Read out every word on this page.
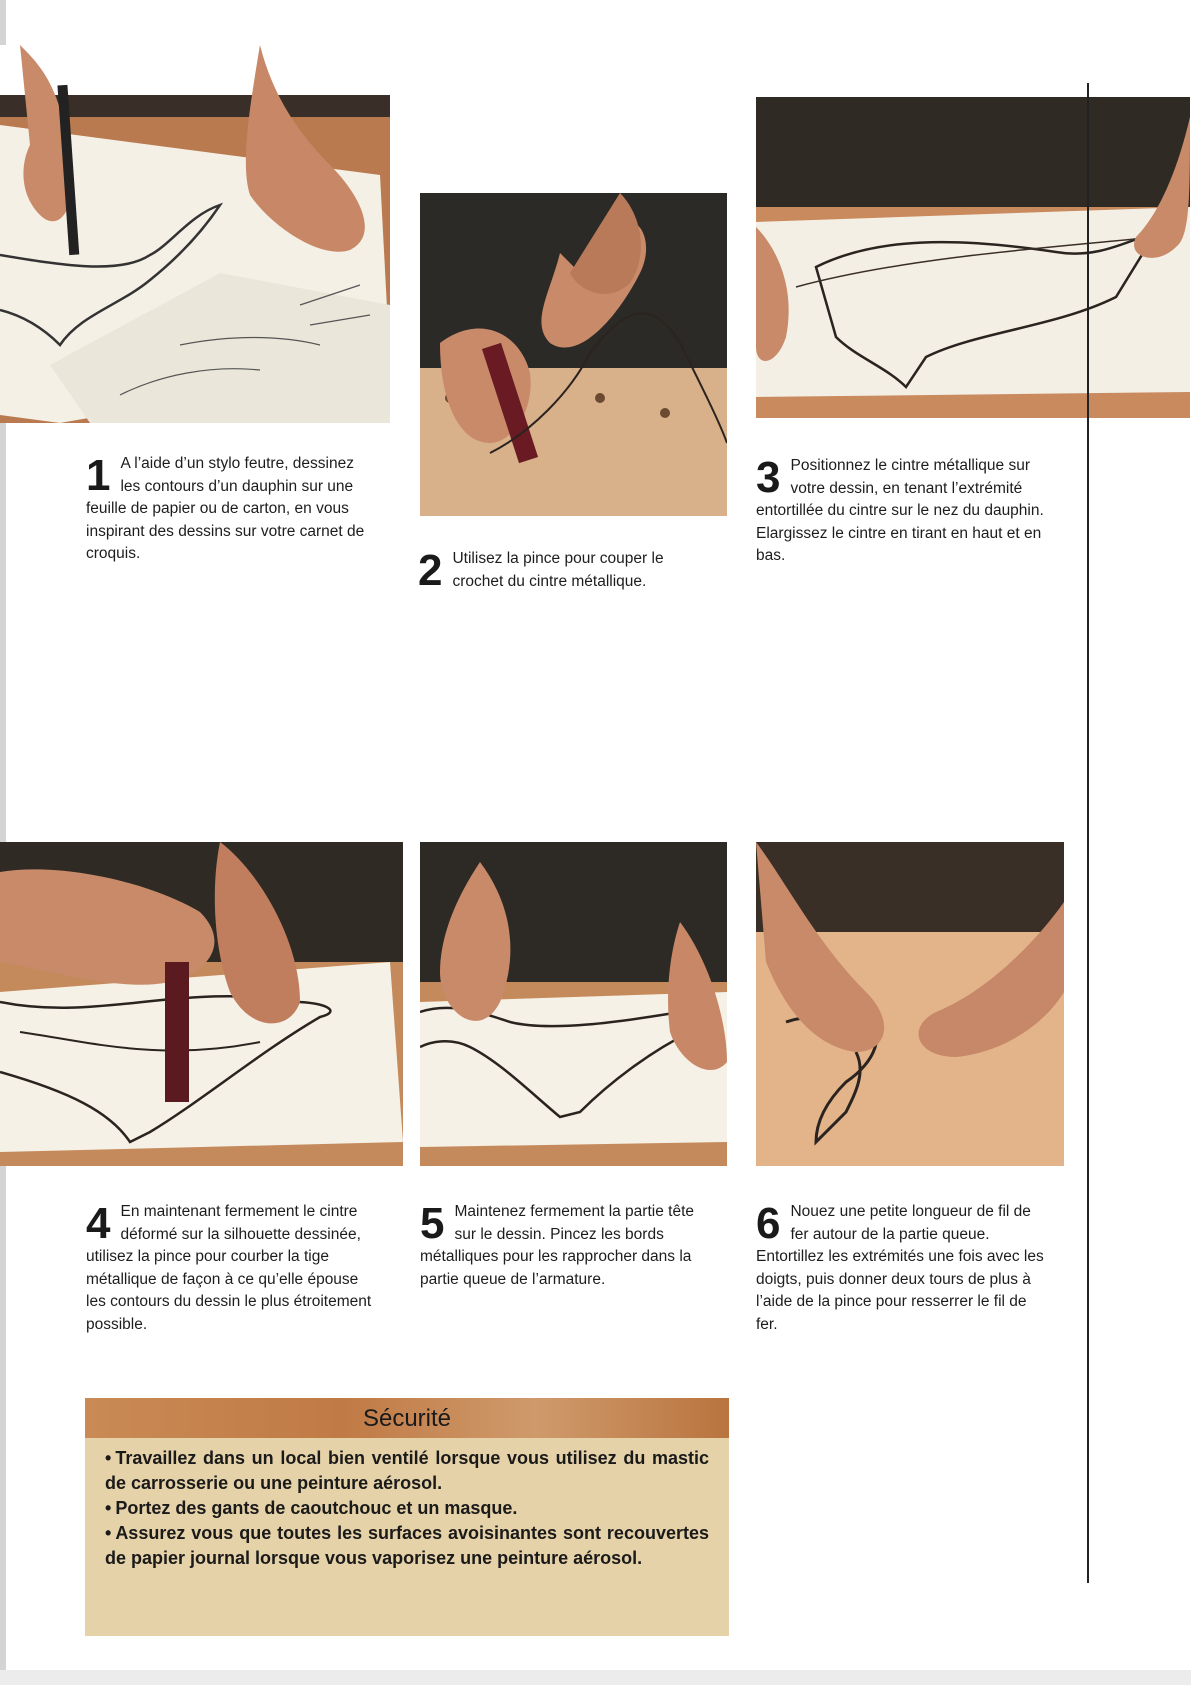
1 A l’aide d’un stylo feutre, dessinez les contours d’un dauphin sur une feuille de papier ou de carton, en vous inspirant des dessins sur votre carnet de croquis.	2 Utilisez la pince pour couper le crochet du cintre métallique.
3 Positionnez le cintre métallique sur votre dessin, en tenant l’extrémité entortillée du cintre sur le nez du dauphin. Elargissez le cintre en tirant en haut et en bas.
4 En maintenant fermement le cintre déformé sur la silhouette dessinée, utilisez la pince pour courber la tige métallique de façon à ce qu’elle épouse les contours du dessin le plus étroitement possible.
5 Maintenez fermement la partie tête sur le dessin. Pincez les bords métalliques pour les rapprocher dans la partie queue de l’armature.
6 Nouez une petite longueur de fil de fer autour de la partie queue. Entortillez les extrémités une fois avec les doigts, puis donner deux tours de plus à l’aide de la pince pour resserrer le fil de fer.
Sécurité
• Travaillez dans un local bien ventilé lorsque vous utilisez du mastic de carrosserie ou une peinture aérosol.
• Portez des gants de caoutchouc et un masque.
• Assurez vous que toutes les surfaces avoisinantes sont recouvertes de papier journal lorsque vous vaporisez une peinture aérosol.
